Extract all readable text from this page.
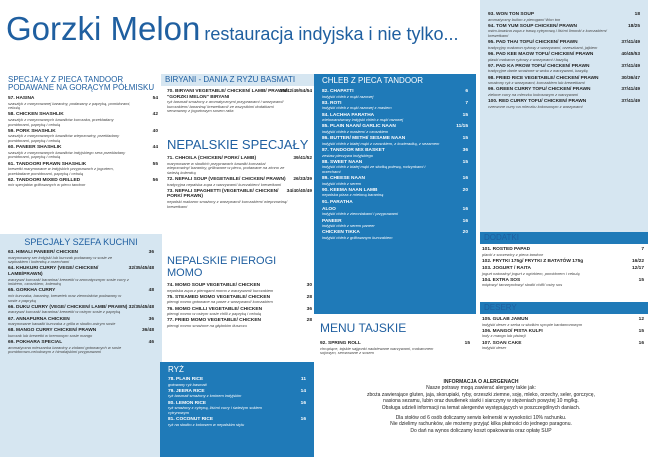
Gorzki Melon restauracja indyjska i nie tylko...
SPECJAŁY Z PIECA TANDOOR PODAWANE NA GORĄCYM PÓŁMISKU
57. HASINA	54
szaszłyk z marynowanej baraniny, podawany z papryką, pomidorami, cebulą
58. CHICKEN SHASHLIK	42
szaszłyk z marynowanych kawałków kurczaka, przekładany pomidorami, papryką i cebulą
59. PORK SHASHLIK	40
szaszłyk z marynowanych kawałków wieprzowiny, przekładany pomidorami, papryką i cebulą
60. PANEER SHASHLIK	44
szaszłyk z marynowanych kawałków indyjskiego sera przekładany pomidorami, papryką i cebulą
61. TANDOORI PRAWN SHASHLIK	55
krewetki marynowane w indyjskich przyprawach z jogurtem, przekładane pomidorami, papryką i cebulą
62. TANDOORI MIXED GRILLED	56
mix specjałów grillowanych w piecu tandoor
SPECJAŁY SZEFA KUCHNI
63. HIMALI PANEER/ CHICKEN	36
marynowany ser indyjski lub kurczak podawany w sosie ze szpinakiem i kolendrą z orzechami
64. KHUKURI CURRY (VEGE/ CHICKEN/ LAMB/PRAWN)
32/35/45/48
warzywa/ kurczak/ baranina/ krewetki w aromatycznym sosie curry z imbirem, czosnkiem, kolendrą
65. GORKHA CURRY	48
mix kurczaka, baraniny, krewetek oraz ziemniaków podawany w sosie z papryką
66. DUKU CURRY (VEGE/ CHICKEN/ LAMB/ PRAWN) 32/35/45/48
warzywa/ kurczak/ baranina/ krewetki w ostrym sosie z papryką
67. ANNAPURNA CHICKEN	36
marynowane kawałki kurczaka z grilla w słodko-ostrym sosie
68. MANGO CURRY CHICKEN/ PRAWN	36/48
kurczak lub krewetki w kremowym sosie mango
69. POKHARA SPECIAL	46
aromatyczna mieszanka baraniny z ziołami gotowanych w sosie pomidorowo-cebulowym z himalajskimi przyprawami
BIRYANI - DANIA Z RYŻU BASMATI
70. BIRYANI VEGETABLE/ CHICKEN/ LAMB/ PRAWN/ "GORZKI MELON" BIRYANI
36/42/49/54/54
ryż basmati smażony z aromatycznymi przyprawami i warzywami/ kurczakiem/ baraniną/ krewetkami/ ze wszystkimi dodatkami serwowany z jogurtowym sosem raita
NEPALSKIE SPECJAŁY
71. CHHOILA (CHICKEN/ PORK/ LAMB)	39/41/52
marynowane w słodkich przyprawach kawałki kurczaka/ wieprzowiny/ baraniny, grillowane w piecu, podawane na zimno ze świeżą kolendrą
72. NEPALI SOUP (VEGETABLE/ CHICKEN/ PRAWN) 26/33/39
tradycyjna nepalska zupa z warzywami/ kurczakiem/ krewetkami
73. NEPALI SPAGHETTI (VEGETABLE/ CHICKEN/ PORK/ PRAWN)
34/40/40/49
nepalski makaron smażony z warzywami/ kurczakiem/ wieprzowiną/ krewetkami
NEPALSKIE PIEROGI MOMO
74. MOMO SOUP VEGETABLE/ CHICKEN	30
nepalska zupa z pierogami momo z warzywami/ kurczakiem
75. STEAMED MOMO VEGETABLE/ CHICKEN	28
pierogi momo gotowane na parze z warzywami/ kurczakiem
76. MOMO CHILLI VEGETABLE/ CHICKEN	36
pierogi momo w ostrym sosie chilli z papryką i cebulą
77. FRIED MOMO VEGETABLE/ CHICKEN	28
pierogi momo smażone na głębokim tłuszczu
RYŻ
78. PLAIN RICE	11
gotowany ryż basmati
79. JEERA RICE	14
ryż basmati smażony z kminem indyjskim
80. LEMON RICE	16
ryż smażony z cytryną, liśćmi curry i świeżym sokiem cytrynowym
81. COCONUT RICE	16
ryż na słodko z kokosem w nepalskim stylu
CHLEB Z PIECA TANDOOR
82. CHAPATTI	6
indyjski chleb z mąki razowej
83. ROTI	7
indyjski chleb z mąki razowej z masłem
84. LACHHA PARATHA	15
wielowarstwowy indyjski chleb z mąki razowej
85. PLAIN NAAN/ GARLIC NAAN	11/15
indyjski chleb z masłem/ z czosnkiem
86. BUTTER/ METHI/ SESAME NAAN	15
indyjski chleb z białej mąki z czosnkiem, z kozieradką, z sezamem
87. TANDOOR MIX BASKET	36
zestaw pieczywa indyjskiego
88. SWEET NAAN	15
indyjski chleb z białej mąki ze słodką polewą, rodzynkami i orzechami
89. CHEESE NAAN	16
indyjski chleb z serem
90. KEEMA NAAN LAMB	20
nepalska pizza z mieloną baraniną
91. PARATHA
ALOO	16
indyjski chleb z ziemniakami i przyprawami
PANEER	16
indyjski chleb z serem paneer
CHICKEN TIKKA	20
indyjski chleb z grillowanym kurczakiem
MENU TAJSKIE
92. SPRING ROLL	15
chrupiące, tajskie sajgonki nadziewane warzywami, makaronem sojowym, serwowane z sosem
93. WON TON SOUP	18
aromatyczny bulion z pierogami Won ton
94. TOM YUM SOUP CHICKEN/ PRAWN	18/25
ostro-kwaśna zupa z trawą cytrynową i liśćmi limonki z kurczakiem/ krewetkami
95. PAD THAI TOFU/ CHICKEN/ PRAWN	37/41/49
tradycyjny makaron ryżowy z warzywami, orzeszkami, jajkiem
96. PAD KEE MAOW TOFU/ CHICKEN/ PRAWN	40/45/53
płaski makaron ryżowy z warzywami i bazylią
97. PAD KA PROW TOFU/ CHICKEN/ PRAWN	37/41/49
tradycyjne danie smażone w woku z warzywami, bazylią
98. FRIED RICE VEGETABLE/ CHICKEN/ PRAWN	30/36/47
smażony ryż z warzywami, kurczakiem lub krewetkami
99. GREEN CURRY TOFU/ CHICKEN/ PRAWN	37/41/49
zielone curry na mleczku kokosowym z warzywami
100. RED CURRY TOFU/ CHICKEN/ PRAWN	37/41/49
czerwone curry na mleczku kokosowym z warzywami
DODATKI
101. ROSTED PAPAD	7
placki z soczewicy z pieca tandoor
102. FRYTKI 175g/ FRYTKI Z BATATÓW 175g	16/22
103. JOGURT / RAITA	12/17
jogurt naturalny/ jogurt z ogórkiem, pomidorem i cebulą
104. EXTRA SOS	15
miętowy/ tamaryndowy/ słodki chilli/ ostry sos
DESERY
105. GULAB JAMUN	12
indyjski deser z serka w słodkim syropie kardamonowym
106. MANGO/ PISTA KULFI	15
lody z mango lub pistacji
107. SOAN CAKE	16
indyjski deser
INFORMACJA O ALERGENACH
Nasze potrawy mogą zawierać alergeny takie jak:
zboża zawierające gluten, jaja, skorupiaki, ryby, orzeszki ziemne, soję, mleko, orzechy, seler, gorczycę,
nasiona sezamu, lubin oraz dwutlenek siarki i siarczyny w stężeniach powyżej 10 mg/kg.
Obsługa udzieli informacji na temat alergenów występujących w poszczególnych daniach.
Dla stołów od 6 osób doliczamy serwis kelnerski w wysokości 10% rachunku.
Nie dzielimy rachunków, ale możemy przyjąć kilka płatności do jednego paragonu.
Do dań na wynos doliczamy koszt opakowania oraz opłatę SUP
